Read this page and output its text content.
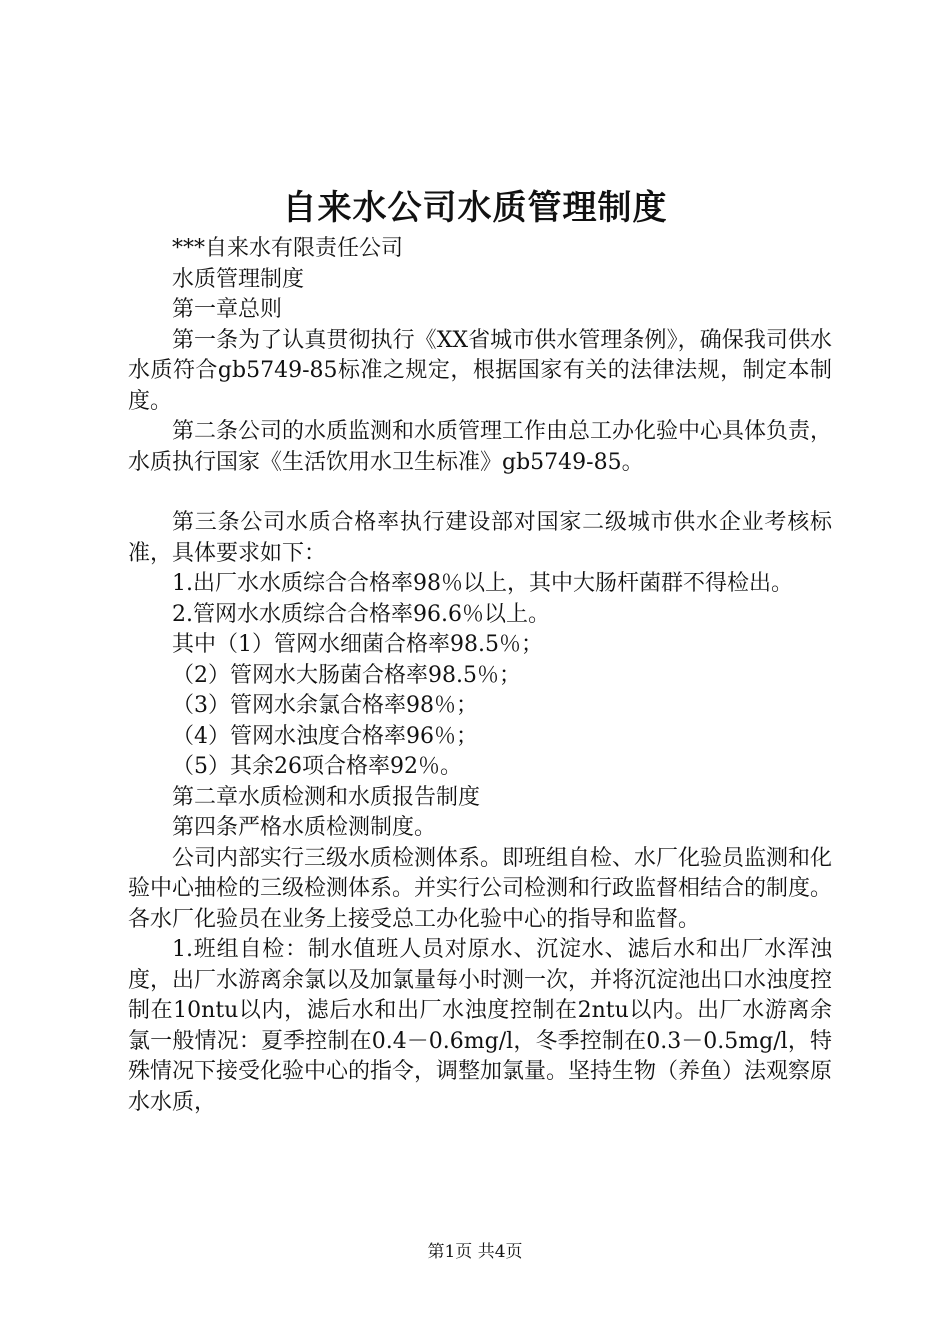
自来水公司水质管理制度

***自来水有限责任公司

水质管理制度

第一章总则

第一条为了认真贯彻执行《XX省城市供水管理条例》，确保我司供水水质符合gb5749-85标准之规定，根据国家有关的法律法规，制定本制度。

第二条公司的水质监测和水质管理工作由总工办化验中心具体负责，水质执行国家《生活饮用水卫生标准》gb5749-85。

第三条公司水质合格率执行建设部对国家二级城市供水企业考核标准，具体要求如下：

1.出厂水水质综合合格率98％以上，其中大肠杆菌群不得检出。

2.管网水水质综合合格率96.6％以上。

其中（1）管网水细菌合格率98.5％；

（2）管网水大肠菌合格率98.5％；

（3）管网水余氯合格率98％；

（4）管网水浊度合格率96％；

（5）其余26项合格率92％。

第二章水质检测和水质报告制度

第四条严格水质检测制度。

公司内部实行三级水质检测体系。即班组自检、水厂化验员监测和化验中心抽检的三级检测体系。并实行公司检测和行政监督相结合的制度。各水厂化验员在业务上接受总工办化验中心的指导和监督。

1.班组自检：制水值班人员对原水、沉淀水、滤后水和出厂水浑浊度，出厂水游离余氯以及加氯量每小时测一次，并将沉淀池出口水浊度控制在10ntu以内，滤后水和出厂水浊度控制在2ntu以内。出厂水游离余氯一般情况：夏季控制在0.4－0.6mg/l，冬季控制在0.3－0.5mg/l，特殊情况下接受化验中心的指令，调整加氯量。坚持生物（养鱼）法观察原水水质，

第1页 共4页
